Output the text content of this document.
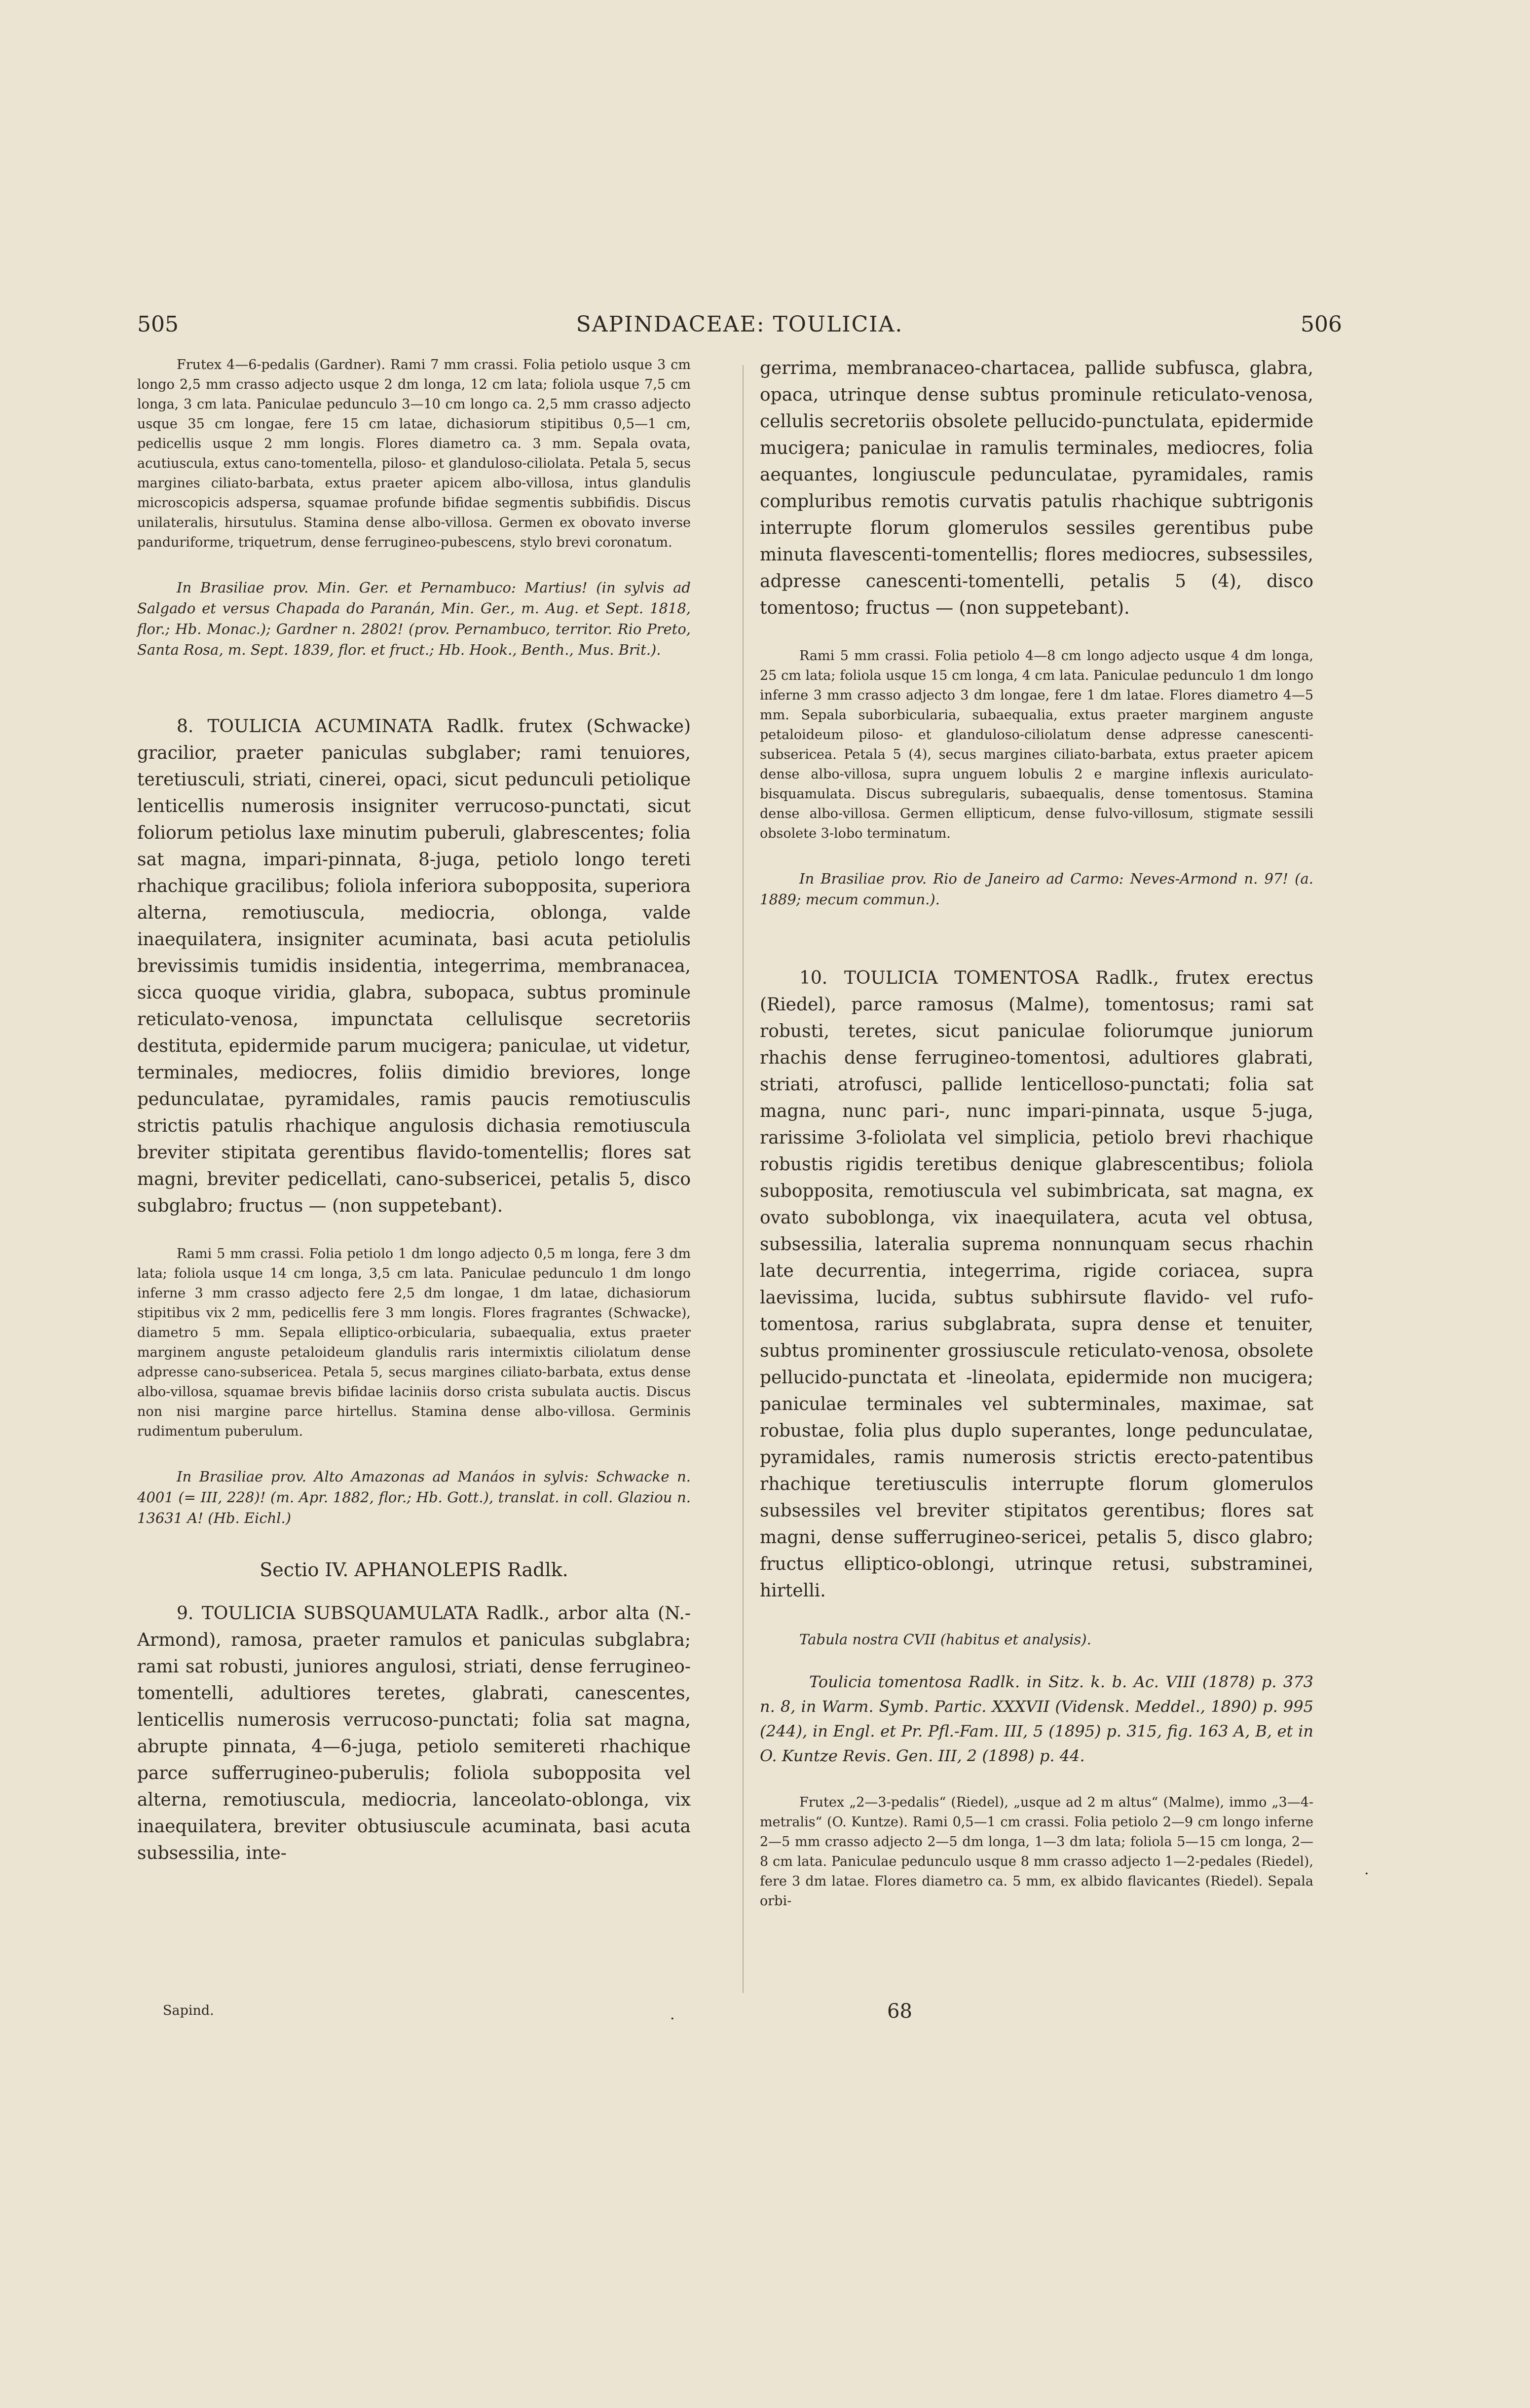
505	SAPINDACEAE: TOULICIA.	506

Frutex 4—6-pedalis (Gardner). Rami 7 mm crassi. Folia petiolo usque 3 cm longo 2,5 mm crasso adjecto usque 2 dm longa, 12 cm lata; foliola usque 7,5 cm longa, 3 cm lata. Paniculae pedunculo 3—10 cm longo ca. 2,5 mm crasso adjecto usque 35 cm longae, fere 15 cm latae, dichasiorum stipitibus 0,5—1 cm, pedicellis usque 2 mm longis. Flores diametro ca. 3 mm. Sepala ovata, acutiuscula, extus cano-tomentella, piloso- et glanduloso-ciliolata. Petala 5, secus margines ciliato-barbata, extus praeter apicem albo-villosa, intus glandulis microscopicis adspersa, squamae profunde bifidae segmentis subbifidis. Discus unilateralis, hirsutulus. Stamina dense albo-villosa. Germen ex obovato inverse panduriforme, triquetrum, dense ferrugineo-pubescens, stylo brevi coronatum.

In Brasiliae prov. Min. Ger. et Pernambuco: Martius! (in sylvis ad Salgado et versus Chapada do Paranán, Min. Ger., m. Aug. et Sept. 1818, flor.; Hb. Monac.); Gardner n. 2802! (prov. Pernambuco, territor. Rio Preto, Santa Rosa, m. Sept. 1839, flor. et fruct.; Hb. Hook., Benth., Mus. Brit.).

8. TOULICIA ACUMINATA Radlk. frutex (Schwacke) gracilior, praeter paniculas subglaber; rami tenuiores, teretiusculi, striati, cinerei, opaci, sicut pedunculi petiolique lenticellis numerosis insigniter verrucoso-punctati, sicut foliorum petiolus laxe minutim puberuli, glabrescentes; folia sat magna, impari-pinnata, 8-juga, petiolo longo tereti rhachique gracilibus; foliola inferiora subopposita, superiora alterna, remotiuscula, mediocria, oblonga, valde inaequilatera, insigniter acuminata, basi acuta petiolulis brevissimis tumidis insidentia, integerrima, membranacea, sicca quoque viridia, glabra, subopaca, subtus prominule reticulato-venosa, impunctata cellulisque secretoriis destituta, epidermide parum mucigera; paniculae, ut videtur, terminales, mediocres, foliis dimidio breviores, longe pedunculatae, pyramidales, ramis paucis remotiusculis strictis patulis rhachique angulosis dichasia remotiuscula breviter stipitata gerentibus flavido-tomentellis; flores sat magni, breviter pedicellati, cano-subsericei, petalis 5, disco subglabro; fructus — (non suppetebant).

Rami 5 mm crassi. Folia petiolo 1 dm longo adjecto 0,5 m longa, fere 3 dm lata; foliola usque 14 cm longa, 3,5 cm lata. Paniculae pedunculo 1 dm longo inferne 3 mm crasso adjecto fere 2,5 dm longae, 1 dm latae, dichasiorum stipitibus vix 2 mm, pedicellis fere 3 mm longis. Flores fragrantes (Schwacke), diametro 5 mm. Sepala elliptico-orbicularia, subaequalia, extus praeter marginem anguste petaloideum glandulis raris intermixtis ciliolatum dense adpresse cano-subsericea. Petala 5, secus margines ciliato-barbata, extus dense albo-villosa, squamae brevis bifidae laciniis dorso crista subulata auctis. Discus non nisi margine parce hirtellus. Stamina dense albo-villosa. Germinis rudimentum puberulum.

In Brasiliae prov. Alto Amazonas ad Manáos in sylvis: Schwacke n. 4001 (= III, 228)! (m. Apr. 1882, flor.; Hb. Gott.), translat. in coll. Glaziou n. 13631 A! (Hb. Eichl.)

Sectio IV. APHANOLEPIS Radlk.

9. TOULICIA SUBSQUAMULATA Radlk., arbor alta (N.-Armond), ramosa, praeter ramulos et paniculas subglabra; rami sat robusti, juniores angulosi, striati, dense ferrugineo-tomentelli, adultiores teretes, glabrati, canescentes, lenticellis numerosis verrucoso-punctati; folia sat magna, abrupte pinnata, 4—6-juga, petiolo semitereti rhachique parce sufferrugineo-puberulis; foliola subopposita vel alterna, remotiuscula, mediocria, lanceolato-oblonga, vix inaequilatera, breviter obtusiuscule acuminata, basi acuta subsessilia, inte-

gerrima, membranaceo-chartacea, pallide subfusca, glabra, opaca, utrinque dense subtus prominule reticulato-venosa, cellulis secretoriis obsolete pellucido-punctulata, epidermide mucigera; paniculae in ramulis terminales, mediocres, folia aequantes, longiuscule pedunculatae, pyramidales, ramis compluribus remotis curvatis patulis rhachique subtrigonis interrupte florum glomerulos sessiles gerentibus pube minuta flavescenti-tomentellis; flores mediocres, subsessiles, adpresse canescenti-tomentelli, petalis 5 (4), disco tomentoso; fructus — (non suppetebant).

Rami 5 mm crassi. Folia petiolo 4—8 cm longo adjecto usque 4 dm longa, 25 cm lata; foliola usque 15 cm longa, 4 cm lata. Paniculae pedunculo 1 dm longo inferne 3 mm crasso adjecto 3 dm longae, fere 1 dm latae. Flores diametro 4—5 mm. Sepala suborbicularia, subaequalia, extus praeter marginem anguste petaloideum piloso- et glanduloso-ciliolatum dense adpresse canescenti-subsericea. Petala 5 (4), secus margines ciliato-barbata, extus praeter apicem dense albo-villosa, supra unguem lobulis 2 e margine inflexis auriculato-bisquamulata. Discus subregularis, subaequalis, dense tomentosus. Stamina dense albo-villosa. Germen ellipticum, dense fulvo-villosum, stigmate sessili obsolete 3-lobo terminatum.

In Brasiliae prov. Rio de Janeiro ad Carmo: Neves-Armond n. 97! (a. 1889; mecum commun.).

10. TOULICIA TOMENTOSA Radlk., frutex erectus (Riedel), parce ramosus (Malme), tomentosus; rami sat robusti, teretes, sicut paniculae foliorumque juniorum rhachis dense ferrugineo-tomentosi, adultiores glabrati, striati, atrofusci, pallide lenticelloso-punctati; folia sat magna, nunc pari-, nunc impari-pinnata, usque 5-juga, rarissime 3-foliolata vel simplicia, petiolo brevi rhachique robustis rigidis teretibus denique glabrescentibus; foliola subopposita, remotiuscula vel subimbricata, sat magna, ex ovato suboblonga, vix inaequilatera, acuta vel obtusa, subsessilia, lateralia suprema nonnunquam secus rhachin late decurrentia, integerrima, rigide coriacea, supra laevissima, lucida, subtus subhirsute flavido- vel rufo-tomentosa, rarius subglabrata, supra dense et tenuiter, subtus prominenter grossiuscule reticulato-venosa, obsolete pellucido-punctata et -lineolata, epidermide non mucigera; paniculae terminales vel subterminales, maximae, sat robustae, folia plus duplo superantes, longe pedunculatae, pyramidales, ramis numerosis strictis erecto-patentibus rhachique teretiusculis interrupte florum glomerulos subsessiles vel breviter stipitatos gerentibus; flores sat magni, dense sufferrugineo-sericei, petalis 5, disco glabro; fructus elliptico-oblongi, utrinque retusi, substraminei, hirtelli.

Tabula nostra CVII (habitus et analysis).

Toulicia tomentosa Radlk. in Sitz. k. b. Ac. VIII (1878) p. 373 n. 8, in Warm. Symb. Partic. XXXVII (Vidensk. Meddel., 1890) p. 995 (244), in Engl. et Pr. Pfl.-Fam. III, 5 (1895) p. 315, fig. 163 A, B, et in O. Kuntze Revis. Gen. III, 2 (1898) p. 44.

Frutex „2—3-pedalis“ (Riedel), „usque ad 2 m altus“ (Malme), immo „3—4-metralis“ (O. Kuntze). Rami 0,5—1 cm crassi. Folia petiolo 2—9 cm longo inferne 2—5 mm crasso adjecto 2—5 dm longa, 1—3 dm lata; foliola 5—15 cm longa, 2—8 cm lata. Paniculae pedunculo usque 8 mm crasso adjecto 1—2-pedales (Riedel), fere 3 dm latae. Flores diametro ca. 5 mm, ex albido flavicantes (Riedel). Sepala orbi-

Sapind.	.	68
.
